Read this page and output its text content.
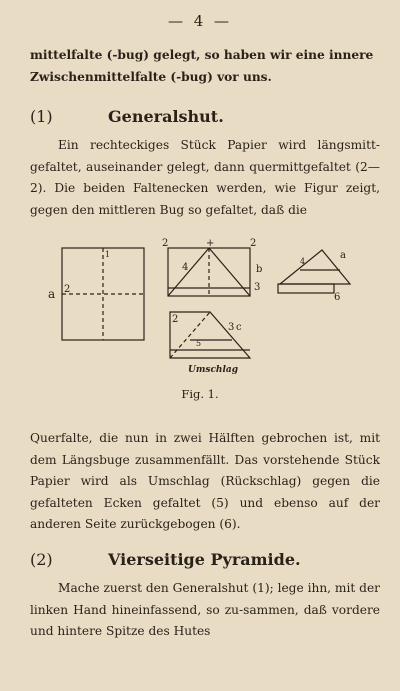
— 4 —
mittelfalte (-bug) gelegt, so haben wir eine innere
Zwischenmittelfalte (-bug) vor uns.
(1)	Generalshut.
Ein rechteckiges Stück Papier wird längsmitt-gefaltet, auseinander gelegt, dann quermittgefaltet (2—2). Die beiden Faltenecken werden, wie Figur zeigt, gegen den mittleren Bug so gefaltet, daß die
a 2
1
2	+	2
4	b
3
4
a
6
2
3 c
5
Umschlag
Fig. 1.
Querfalte, die nun in zwei Hälften gebrochen ist, mit dem Längsbuge zusammenfällt. Das vorstehende Stück Papier wird als Umschlag (Rückschlag) gegen die gefalteten Ecken gefaltet (5) und ebenso auf der anderen Seite zurückgebogen (6).
(2)	Vierseitige Pyramide.
Mache zuerst den Generalshut (1); lege ihn, mit der linken Hand hineinfassend, so zu-sammen, daß vordere und hintere Spitze des Hutes
